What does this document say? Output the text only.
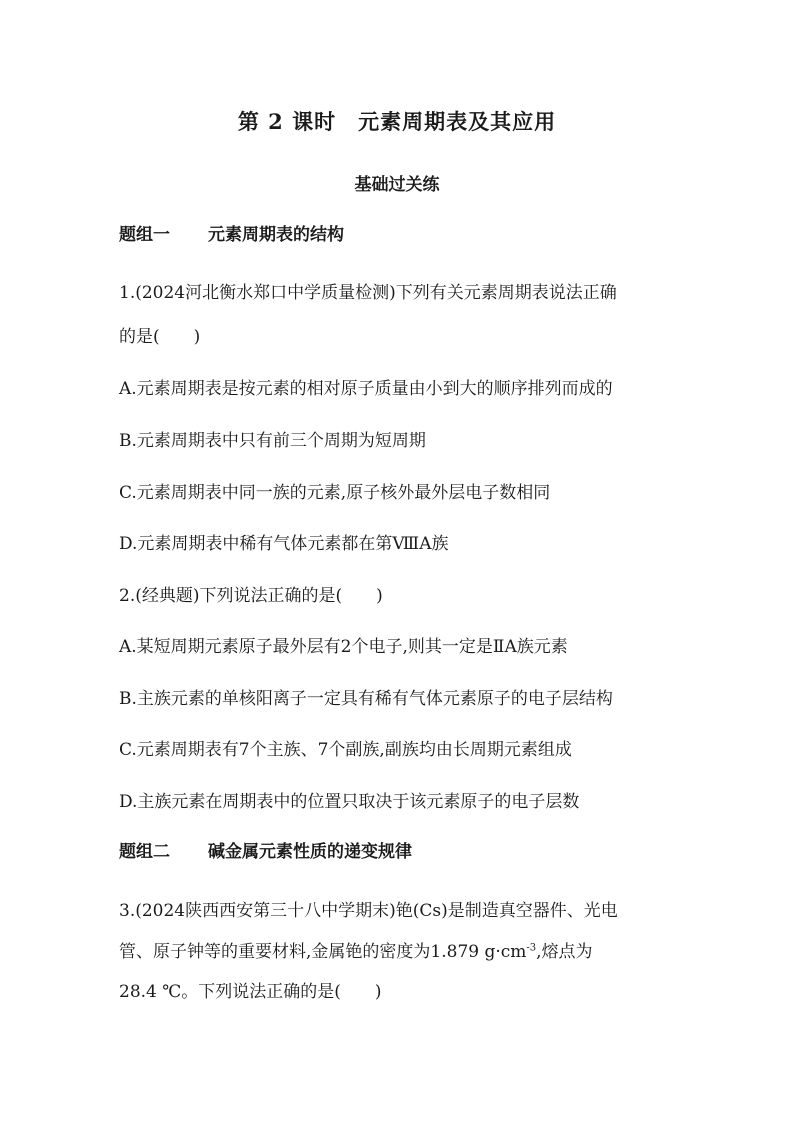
第 2 课时　元素周期表及其应用
基础过关练
题组一 元素周期表的结构
1.(2024河北衡水郑口中学质量检测)下列有关元素周期表说法正确
的是(　　)
A.元素周期表是按元素的相对原子质量由小到大的顺序排列而成的
B.元素周期表中只有前三个周期为短周期
C.元素周期表中同一族的元素,原子核外最外层电子数相同
D.元素周期表中稀有气体元素都在第ⅧA族
2.(经典题)下列说法正确的是(　　)
A.某短周期元素原子最外层有2个电子,则其一定是ⅡA族元素
B.主族元素的单核阳离子一定具有稀有气体元素原子的电子层结构
C.元素周期表有7个主族、7个副族,副族均由长周期元素组成
D.主族元素在周期表中的位置只取决于该元素原子的电子层数
题组二 碱金属元素性质的递变规律
3.(2024陕西西安第三十八中学期末)铯(Cs)是制造真空器件、光电
管、原子钟等的重要材料,金属铯的密度为1.879 $g\cdot cm^{-3}$,熔点为
28.4 ℃。下列说法正确的是(　　)
